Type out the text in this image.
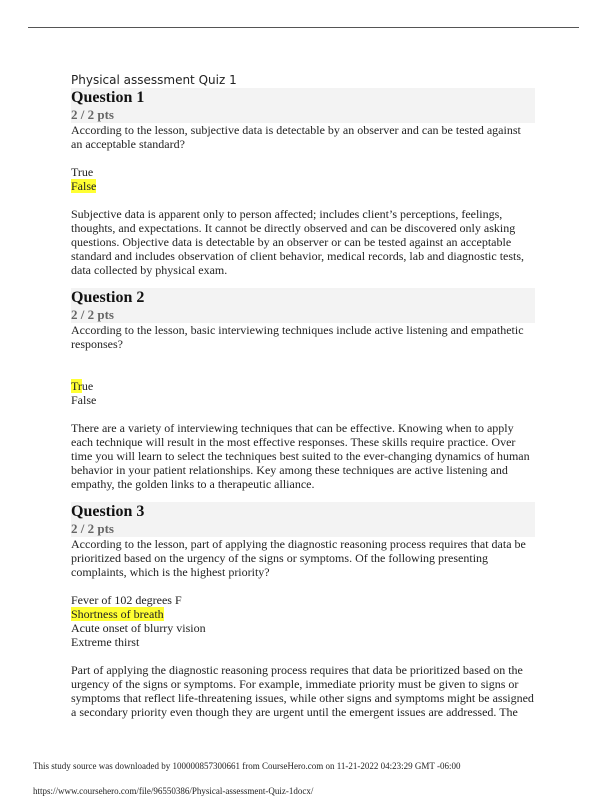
Physical assessment Quiz 1
Question 1
2 / 2 pts
According to the lesson, subjective data is detectable by an observer and can be tested against an acceptable standard?
True
False
Subjective data is apparent only to person affected; includes client’s perceptions, feelings, thoughts, and expectations. It cannot be directly observed and can be discovered only asking questions. Objective data is detectable by an observer or can be tested against an acceptable standard and includes observation of client behavior, medical records, lab and diagnostic tests, data collected by physical exam.
Question 2
2 / 2 pts
According to the lesson, basic interviewing techniques include active listening and empathetic responses?
True
False
There are a variety of interviewing techniques that can be effective. Knowing when to apply each technique will result in the most effective responses. These skills require practice. Over time you will learn to select the techniques best suited to the ever-changing dynamics of human behavior in your patient relationships. Key among these techniques are active listening and empathy, the golden links to a therapeutic alliance.
Question 3
2 / 2 pts
According to the lesson, part of applying the diagnostic reasoning process requires that data be prioritized based on the urgency of the signs or symptoms. Of the following presenting complaints, which is the highest priority?
Fever of 102 degrees F
Shortness of breath
Acute onset of blurry vision
Extreme thirst
Part of applying the diagnostic reasoning process requires that data be prioritized based on the urgency of the signs or symptoms. For example, immediate priority must be given to signs or symptoms that reflect life-threatening issues, while other signs and symptoms might be assigned a secondary priority even though they are urgent until the emergent issues are addressed. The
This study source was downloaded by 100000857300661 from CourseHero.com on 11-21-2022 04:23:29 GMT -06:00
https://www.coursehero.com/file/96550386/Physical-assessment-Quiz-1docx/
